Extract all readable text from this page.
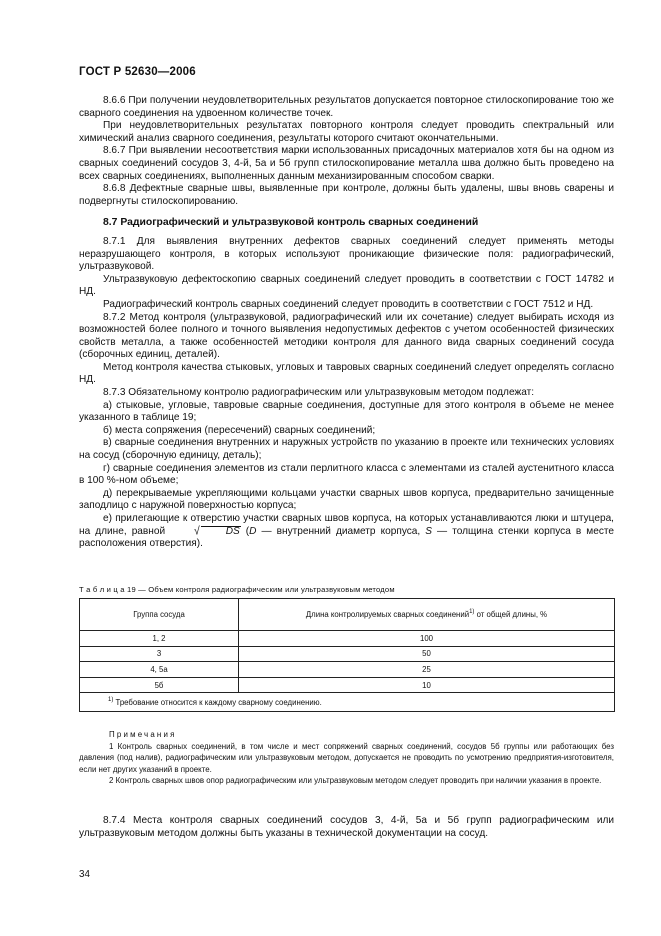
ГОСТ Р 52630—2006

8.6.6 При получении неудовлетворительных результатов допускается повторное стилоскопирование тою же сварного соединения на удвоенном количестве точек.

При неудовлетворительных результатах повторного контроля следует проводить спектральный или химический анализ сварного соединения, результаты которого считают окончательными.

8.6.7 При выявлении несоответствия марки использованных присадочных материалов хотя бы на одном из сварных соединений сосудов 3, 4-й, 5а и 5б групп стилоскопирование металла шва должно быть проведено на всех сварных соединениях, выполненных данным механизированным способом сварки.

8.6.8 Дефектные сварные швы, выявленные при контроле, должны быть удалены, швы вновь сварены и подвергнуты стилоскопированию.

8.7 Радиографический и ультразвуковой контроль сварных соединений

8.7.1 Для выявления внутренних дефектов сварных соединений следует применять методы неразрушающего контроля, в которых используют проникающие физические поля: радиографический, ультразвуковой.

Ультразвуковую дефектоскопию сварных соединений следует проводить в соответствии с ГОСТ 14782 и НД.

Радиографический контроль сварных соединений следует проводить в соответствии с ГОСТ 7512 и НД.

8.7.2 Метод контроля (ультразвуковой, радиографический или их сочетание) следует выбирать исходя из возможностей более полного и точного выявления недопустимых дефектов с учетом особенностей физических свойств металла, а также особенностей методики контроля для данного вида сварных соединений сосуда (сборочных единиц, деталей).

Метод контроля качества стыковых, угловых и тавровых сварных соединений следует определять согласно НД.

8.7.3 Обязательному контролю радиографическим или ультразвуковым методом подлежат:

а) стыковые, угловые, тавровые сварные соединения, доступные для этого контроля в объеме не менее указанного в таблице 19;

б) места сопряжения (пересечений) сварных соединений;

в) сварные соединения внутренних и наружных устройств по указанию в проекте или технических условиях на сосуд (сборочную единицу, деталь);

г) сварные соединения элементов из стали перлитного класса с элементами из сталей аустенитного класса в 100 %-ном объеме;

д) перекрываемые укрепляющими кольцами участки сварных швов корпуса, предварительно зачищенные заподлицо с наружной поверхностью корпуса;

е) прилегающие к отверстию участки сварных швов корпуса, на которых устанавливаются люки и штуцера, на длине, равной √	DS (D — внутренний диаметр корпуса, S — толщина стенки корпуса в месте расположения отверстия).

Т а б л и ц а 19 — Объем контроля радиографическим или ультразвуковым методом
Группа сосуда	Длина контролируемых сварных соединений$^{1)}$ от общей длины, %
1, 2	100
3	50
4, 5а	25
5б	10
$^{1)}$ Требование относится к каждому сварному соединению.	

Примечания

1 Контроль сварных соединений, в том числе и мест сопряжений сварных соединений, сосудов 5б группы или работающих без давления (под налив), радиографическим или ультразвуковым методом, допускается не проводить по усмотрению предприятия-изготовителя, если нет других указаний в проекте.

2 Контроль сварных швов опор радиографическим или ультразвуковым методом следует проводить при наличии указания в проекте.

8.7.4 Места контроля сварных соединений сосудов 3, 4-й, 5а и 5б групп радиографическим или ультразвуковым методом должны быть указаны в технической документации на сосуд.

34
